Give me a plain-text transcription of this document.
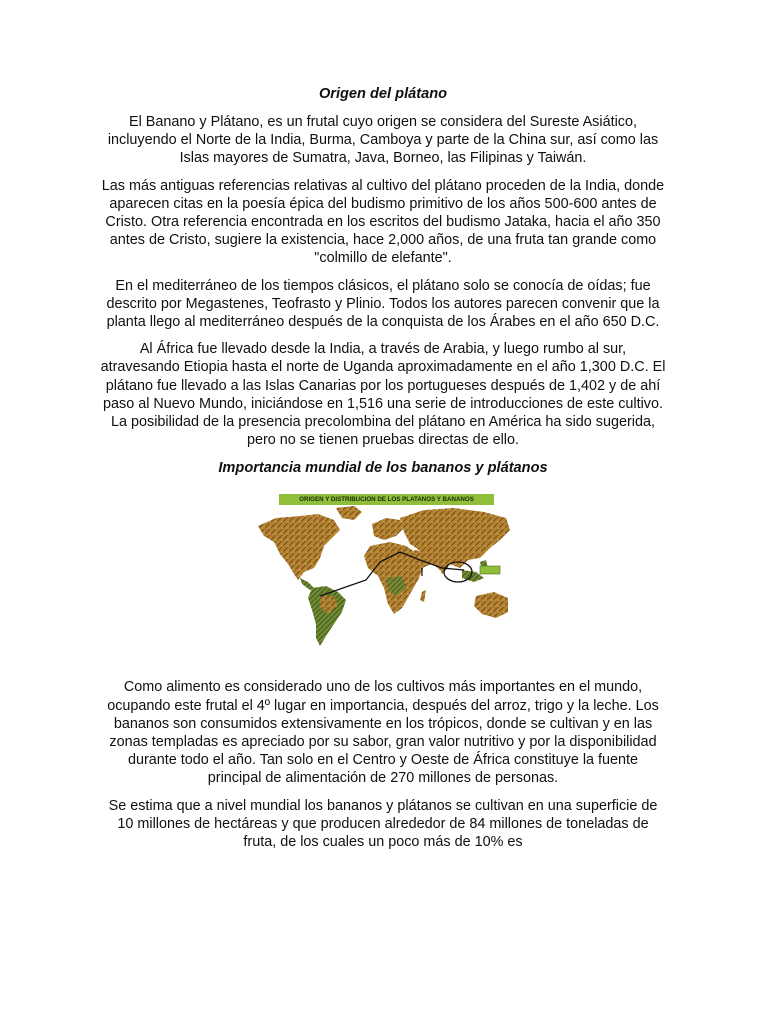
Origen del plátano
El Banano y Plátano, es un frutal cuyo origen se considera del Sureste Asiático, incluyendo el Norte de la India, Burma, Camboya y parte de la China sur, así como las Islas mayores de Sumatra, Java, Borneo, las Filipinas y Taiwán.
Las más antiguas referencias relativas al cultivo del plátano proceden de la India, donde aparecen citas en la poesía épica del budismo primitivo de los años 500-600 antes de Cristo. Otra referencia encontrada en los escritos del budismo Jataka, hacia el año 350 antes de Cristo, sugiere la existencia, hace 2,000 años, de una fruta tan grande como "colmillo de elefante".
En el mediterráneo de los tiempos clásicos, el plátano solo se conocía de oídas; fue descrito por Megastenes, Teofrasto y Plinio. Todos los autores parecen convenir que la planta llego al mediterráneo después de la conquista de los Árabes en el año 650 D.C.
Al África fue llevado desde la India, a través de Arabia, y luego rumbo al sur, atravesando Etiopia hasta el norte de Uganda aproximadamente en el año 1,300 D.C. El plátano fue llevado a las Islas Canarias por los portugueses después de 1,402 y de ahí paso al Nuevo Mundo, iniciándose en 1,516 una serie de introducciones de este cultivo. La posibilidad de la presencia precolombina del plátano en América ha sido sugerida, pero no se tienen pruebas directas de ello.
Importancia mundial de los bananos y plátanos
ORIGEN Y DISTRIBUCION DE LOS PLATANOS Y BANANOS
Como alimento es considerado uno de los cultivos más importantes en el mundo, ocupando este frutal el 4º lugar en importancia, después del arroz, trigo y la leche. Los bananos son consumidos extensivamente en los trópicos, donde se cultivan y en las zonas templadas es apreciado por su sabor, gran valor nutritivo y por la disponibilidad durante todo el año. Tan solo en el Centro y Oeste de África constituye la fuente principal de alimentación de 270 millones de personas.
Se estima que a nivel mundial los bananos y plátanos se cultivan en una superficie de 10 millones de hectáreas y que producen alrededor de 84 millones de toneladas de fruta, de los cuales un poco más de 10% es
